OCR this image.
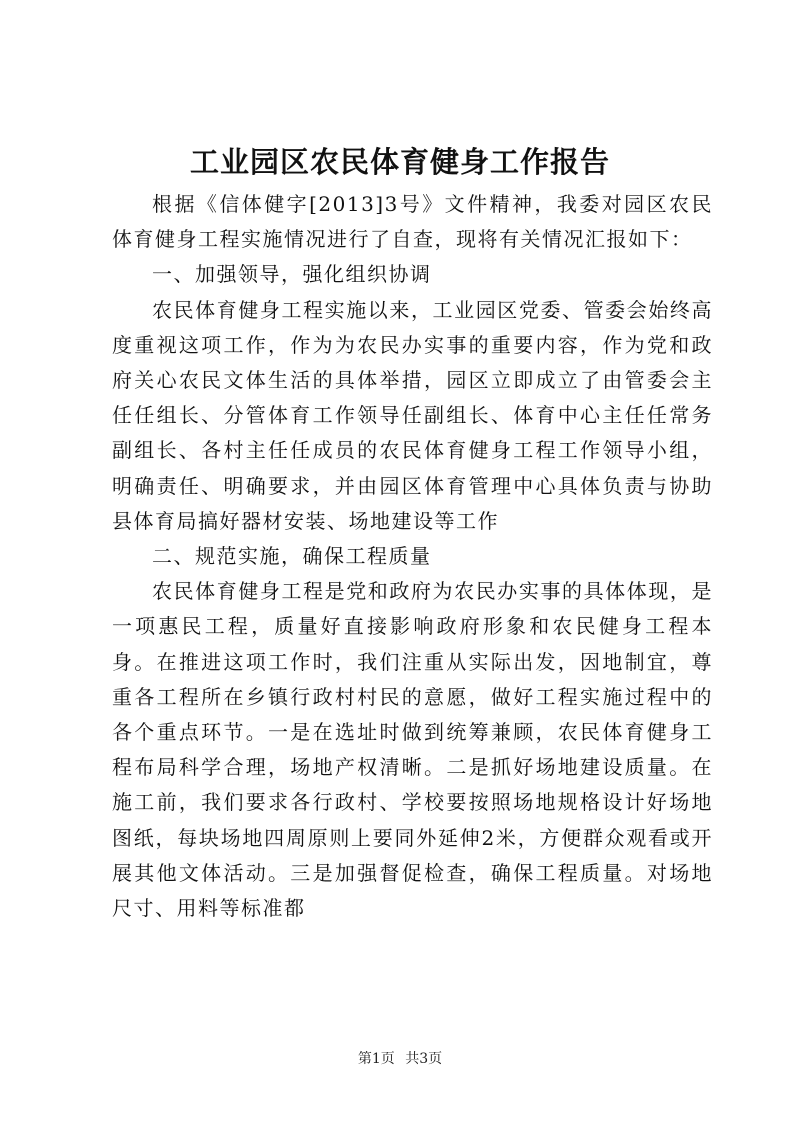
工业园区农民体育健身工作报告

根据《信体健字[2013]3号》文件精神，我委对园区农民体育健身工程实施情况进行了自查，现将有关情况汇报如下：

一、加强领导，强化组织协调

农民体育健身工程实施以来，工业园区党委、管委会始终高度重视这项工作，作为为农民办实事的重要内容，作为党和政府关心农民文体生活的具体举措，园区立即成立了由管委会主任任组长、分管体育工作领导任副组长、体育中心主任任常务副组长、各村主任任成员的农民体育健身工程工作领导小组，明确责任、明确要求，并由园区体育管理中心具体负责与协助县体育局搞好器材安装、场地建设等工作

二、规范实施，确保工程质量

农民体育健身工程是党和政府为农民办实事的具体体现，是一项惠民工程，质量好直接影响政府形象和农民健身工程本身。在推进这项工作时，我们注重从实际出发，因地制宜，尊重各工程所在乡镇行政村村民的意愿，做好工程实施过程中的各个重点环节。一是在选址时做到统筹兼顾，农民体育健身工程布局科学合理，场地产权清晰。二是抓好场地建设质量。在施工前，我们要求各行政村、学校要按照场地规格设计好场地图纸，每块场地四周原则上要同外延伸2米，方便群众观看或开展其他文体活动。三是加强督促检查，确保工程质量。对场地尺寸、用料等标准都

第1页 共3页
